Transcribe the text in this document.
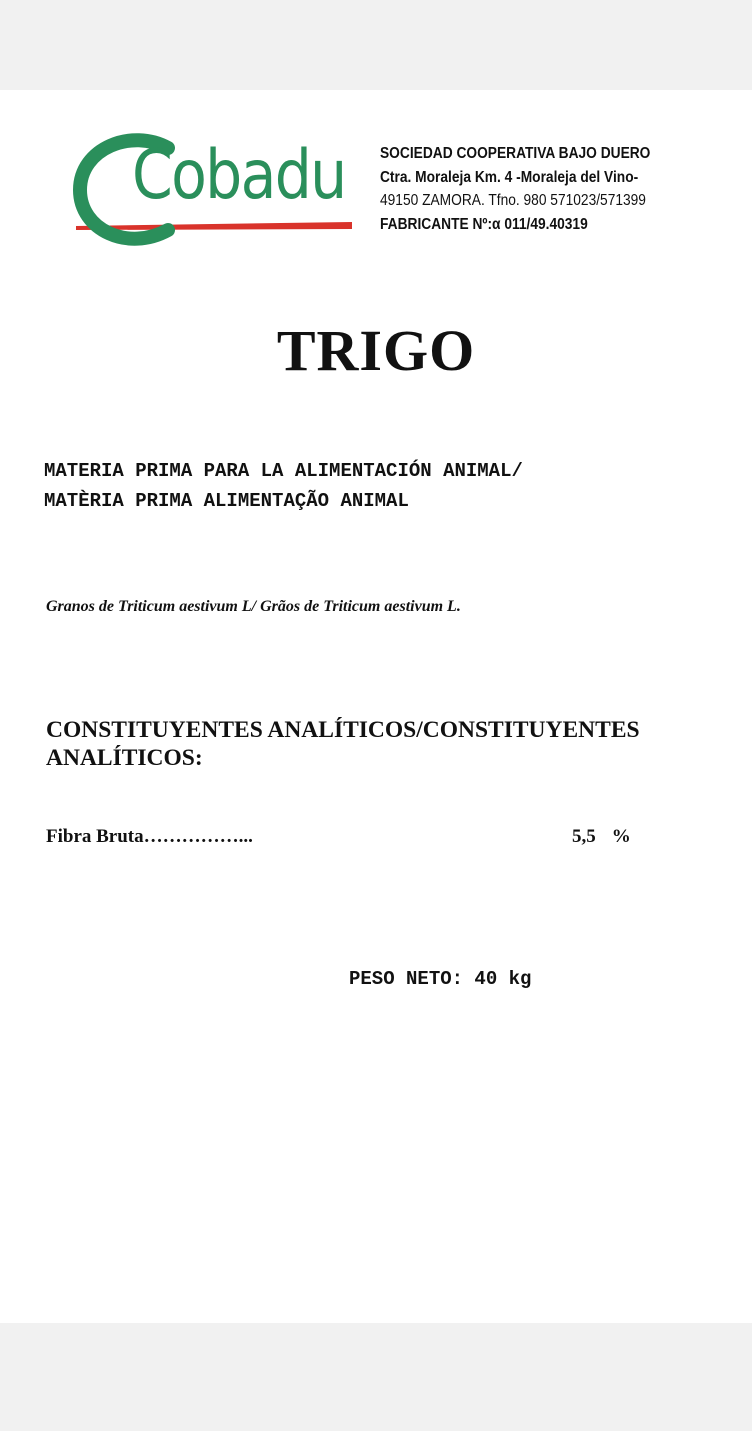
Cobadu SOCIEDAD COOPERATIVA BAJO DUERO
Ctra. Moraleja Km. 4 -Moraleja del Vino-
49150 ZAMORA. Tfno. 980 571023/571399
FABRICANTE Nº:α 011/49.40319
TRIGO
MATERIA PRIMA PARA LA ALIMENTACIÓN ANIMAL/
MATÈRIA PRIMA ALIMENTAÇÃO ANIMAL
Granos de Triticum aestivum L/ Grãos de Triticum aestivum L.
CONSTITUYENTES ANALÍTICOS/CONSTITUYENTES ANALÍTICOS:
Fibra Bruta……………...	5,5 %
PESO NETO: 40 kg
